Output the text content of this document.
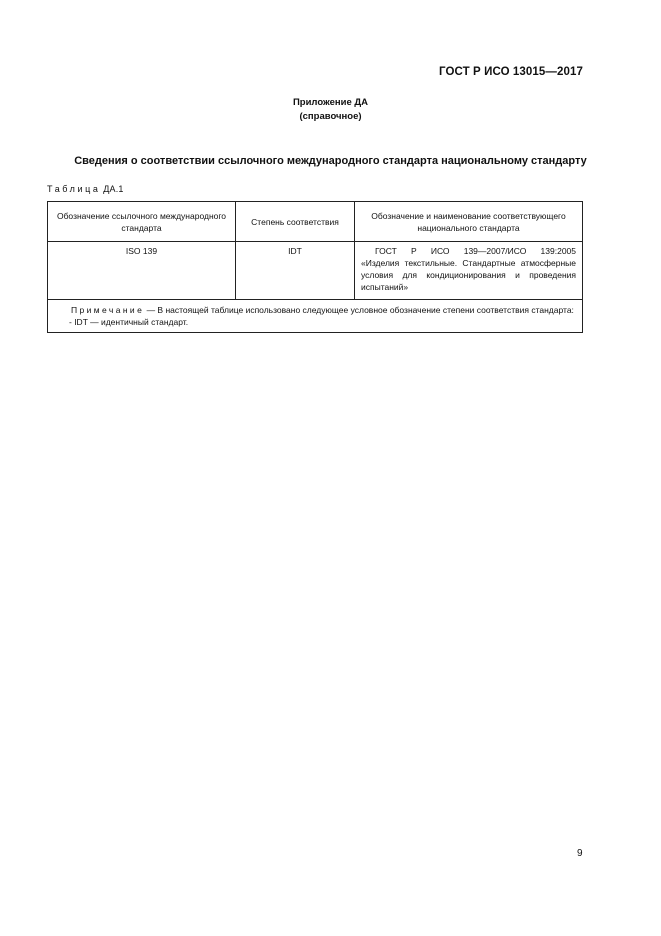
ГОСТ Р ИСО 13015—2017
Приложение ДА
(справочное)
Сведения о соответствии ссылочного международного стандарта национальному стандарту
Таблица ДА.1
Обозначение ссылочного международного стандарта	Степень соответствия	Обозначение и наименование соответствующего национального стандарта
ISO 139	IDT	ГОСТ Р ИСО 139—2007/ИСО 139:2005
«Изделия текстильные. Стандартные атмосферные условия для кондиционирования и проведения испытаний»

Примечание — В настоящей таблице использовано следующее условное обозначение степени соответствия стандарта:
- IDT — идентичный стандарт.		
9
